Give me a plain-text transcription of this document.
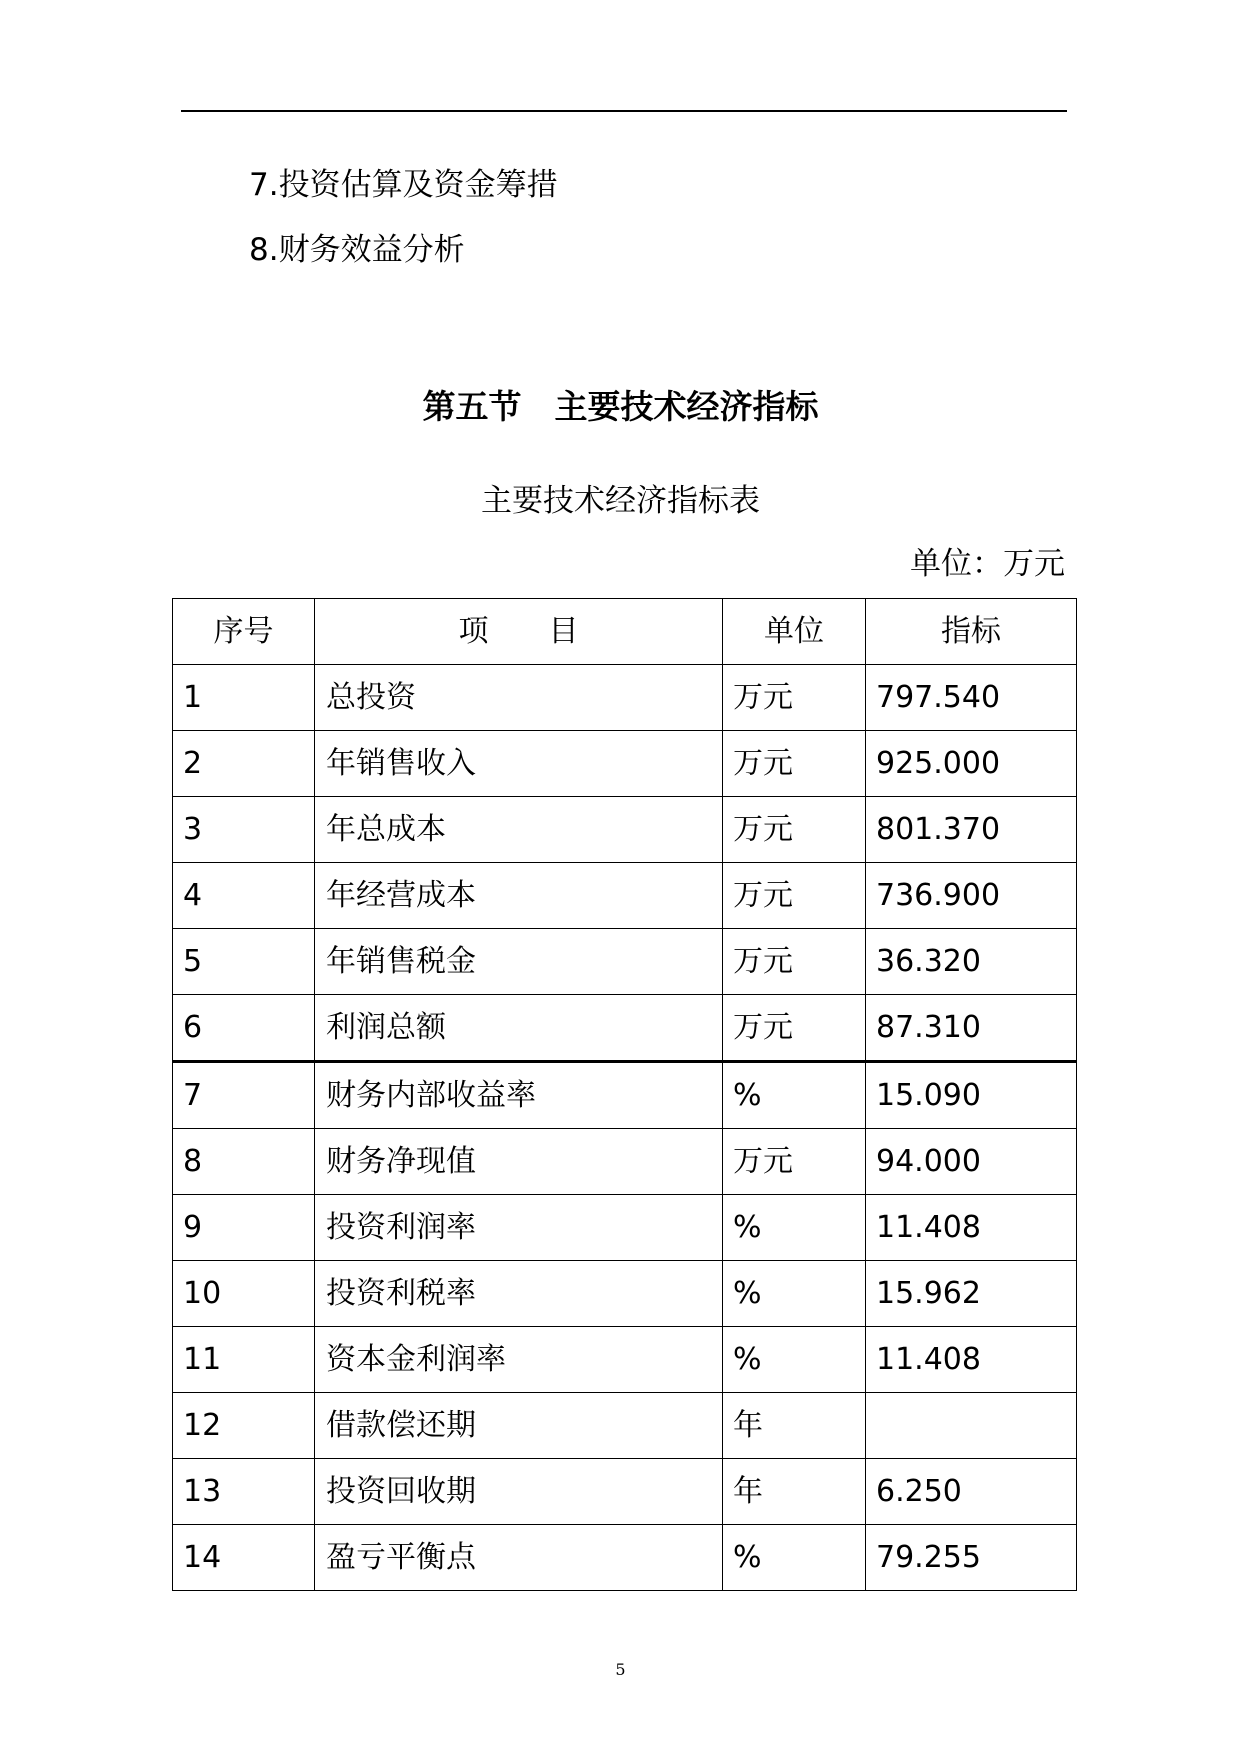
7.投资估算及资金筹措
8.财务效益分析
第五节　主要技术经济指标
主要技术经济指标表
单位：万元
序号	项　　目	单位	指标
1	总投资	万元	797.540
2	年销售收入	万元	925.000
3	年总成本	万元	801.370
4	年经营成本	万元	736.900
5	年销售税金	万元	36.320
6	利润总额	万元	87.310
7	财务内部收益率	%	15.090
8	财务净现值	万元	94.000
9	投资利润率	%	11.408
10	投资利税率	%	15.962
11	资本金利润率	%	11.408
12	借款偿还期	年	
13	投资回收期	年	6.250
14	盈亏平衡点	%	79.255
5
